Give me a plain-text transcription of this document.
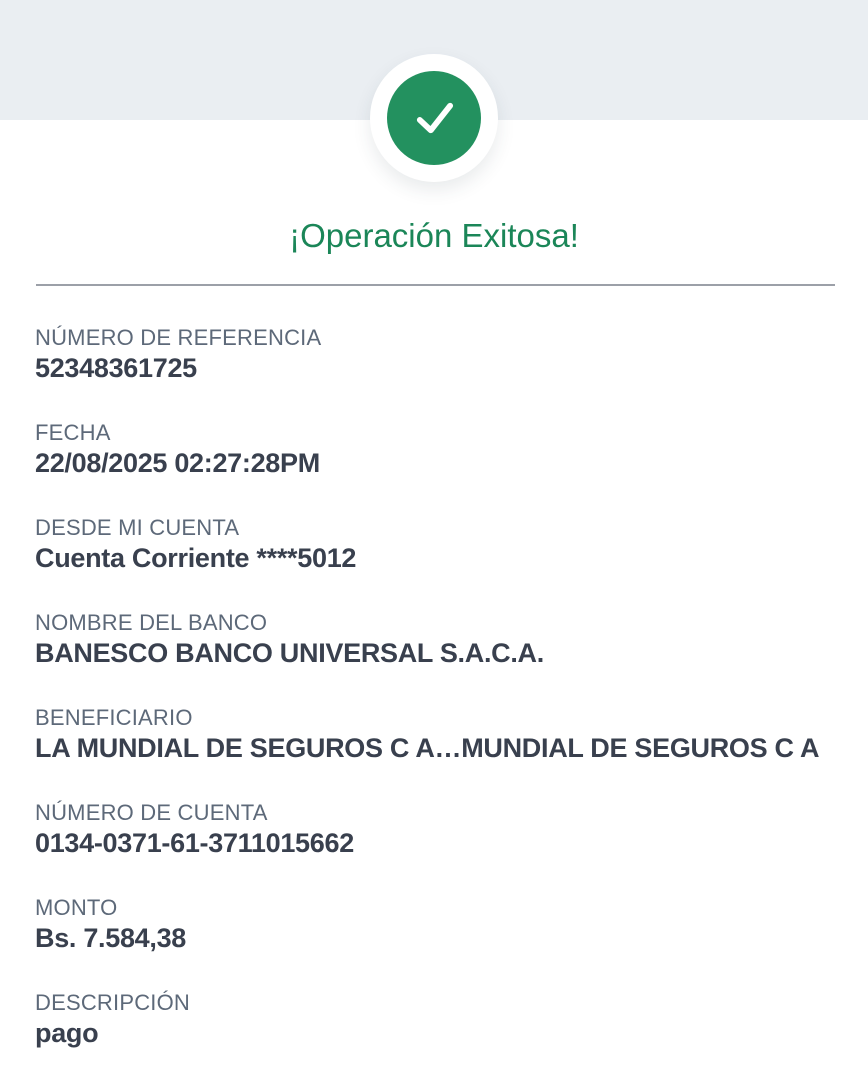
¡Operación Exitosa!
NÚMERO DE REFERENCIA
52348361725
FECHA
22/08/2025 02:27:28PM
DESDE MI CUENTA
Cuenta Corriente ****5012
NOMBRE DEL BANCO
BANESCO BANCO UNIVERSAL S.A.C.A.
BENEFICIARIO
LA MUNDIAL DE SEGUROS C A…MUNDIAL DE SEGUROS C A
NÚMERO DE CUENTA
0134-0371-61-3711015662
MONTO
Bs. 7.584,38
DESCRIPCIÓN
pago
